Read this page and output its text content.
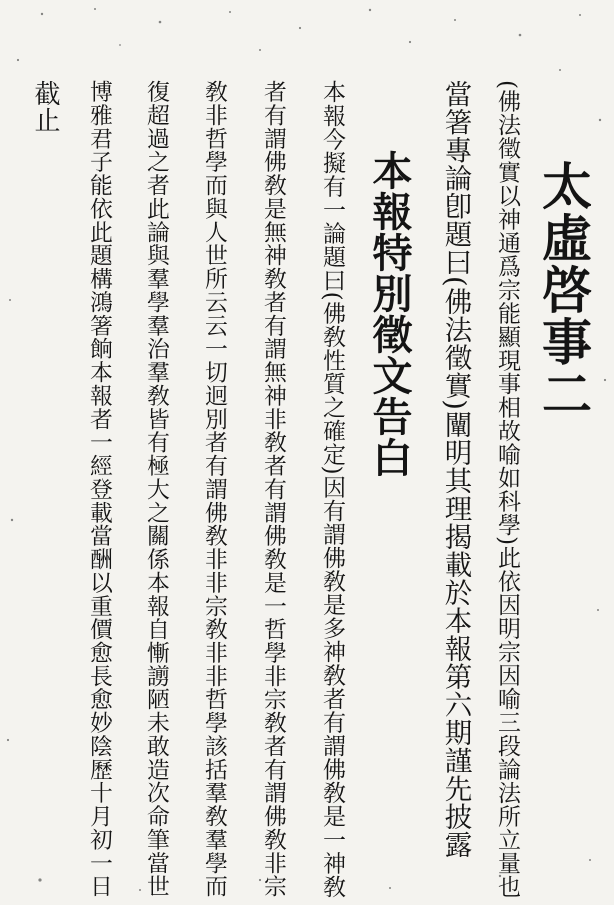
太虛啓事二
(佛法徵實以神通爲宗能顯現事相故喻如科學)此依因明宗因喻三段論法所立量也
當箸專論卽題曰(佛法徵實)闡明其理揭載於本報第六期謹先披露
本報特別徵文告白
本報今擬有一論題曰(佛敎性質之確定)因有謂佛敎是多神敎者有謂佛敎是一神敎
者有謂佛敎是無神敎者有謂無神非敎者有謂佛敎是一哲學非宗敎者有謂佛敎非宗
敎非哲學而與人世所云云一切迥別者有謂佛敎非非宗敎非非哲學該括羣敎羣學而
復超過之者此論與羣學羣治羣敎皆有極大之關係本報自慚謭陋未敢造次命筆當世
博雅君子能依此題構鴻箸餉本報者一經登載當酬以重價愈長愈妙陰歷十月初一日
截止
